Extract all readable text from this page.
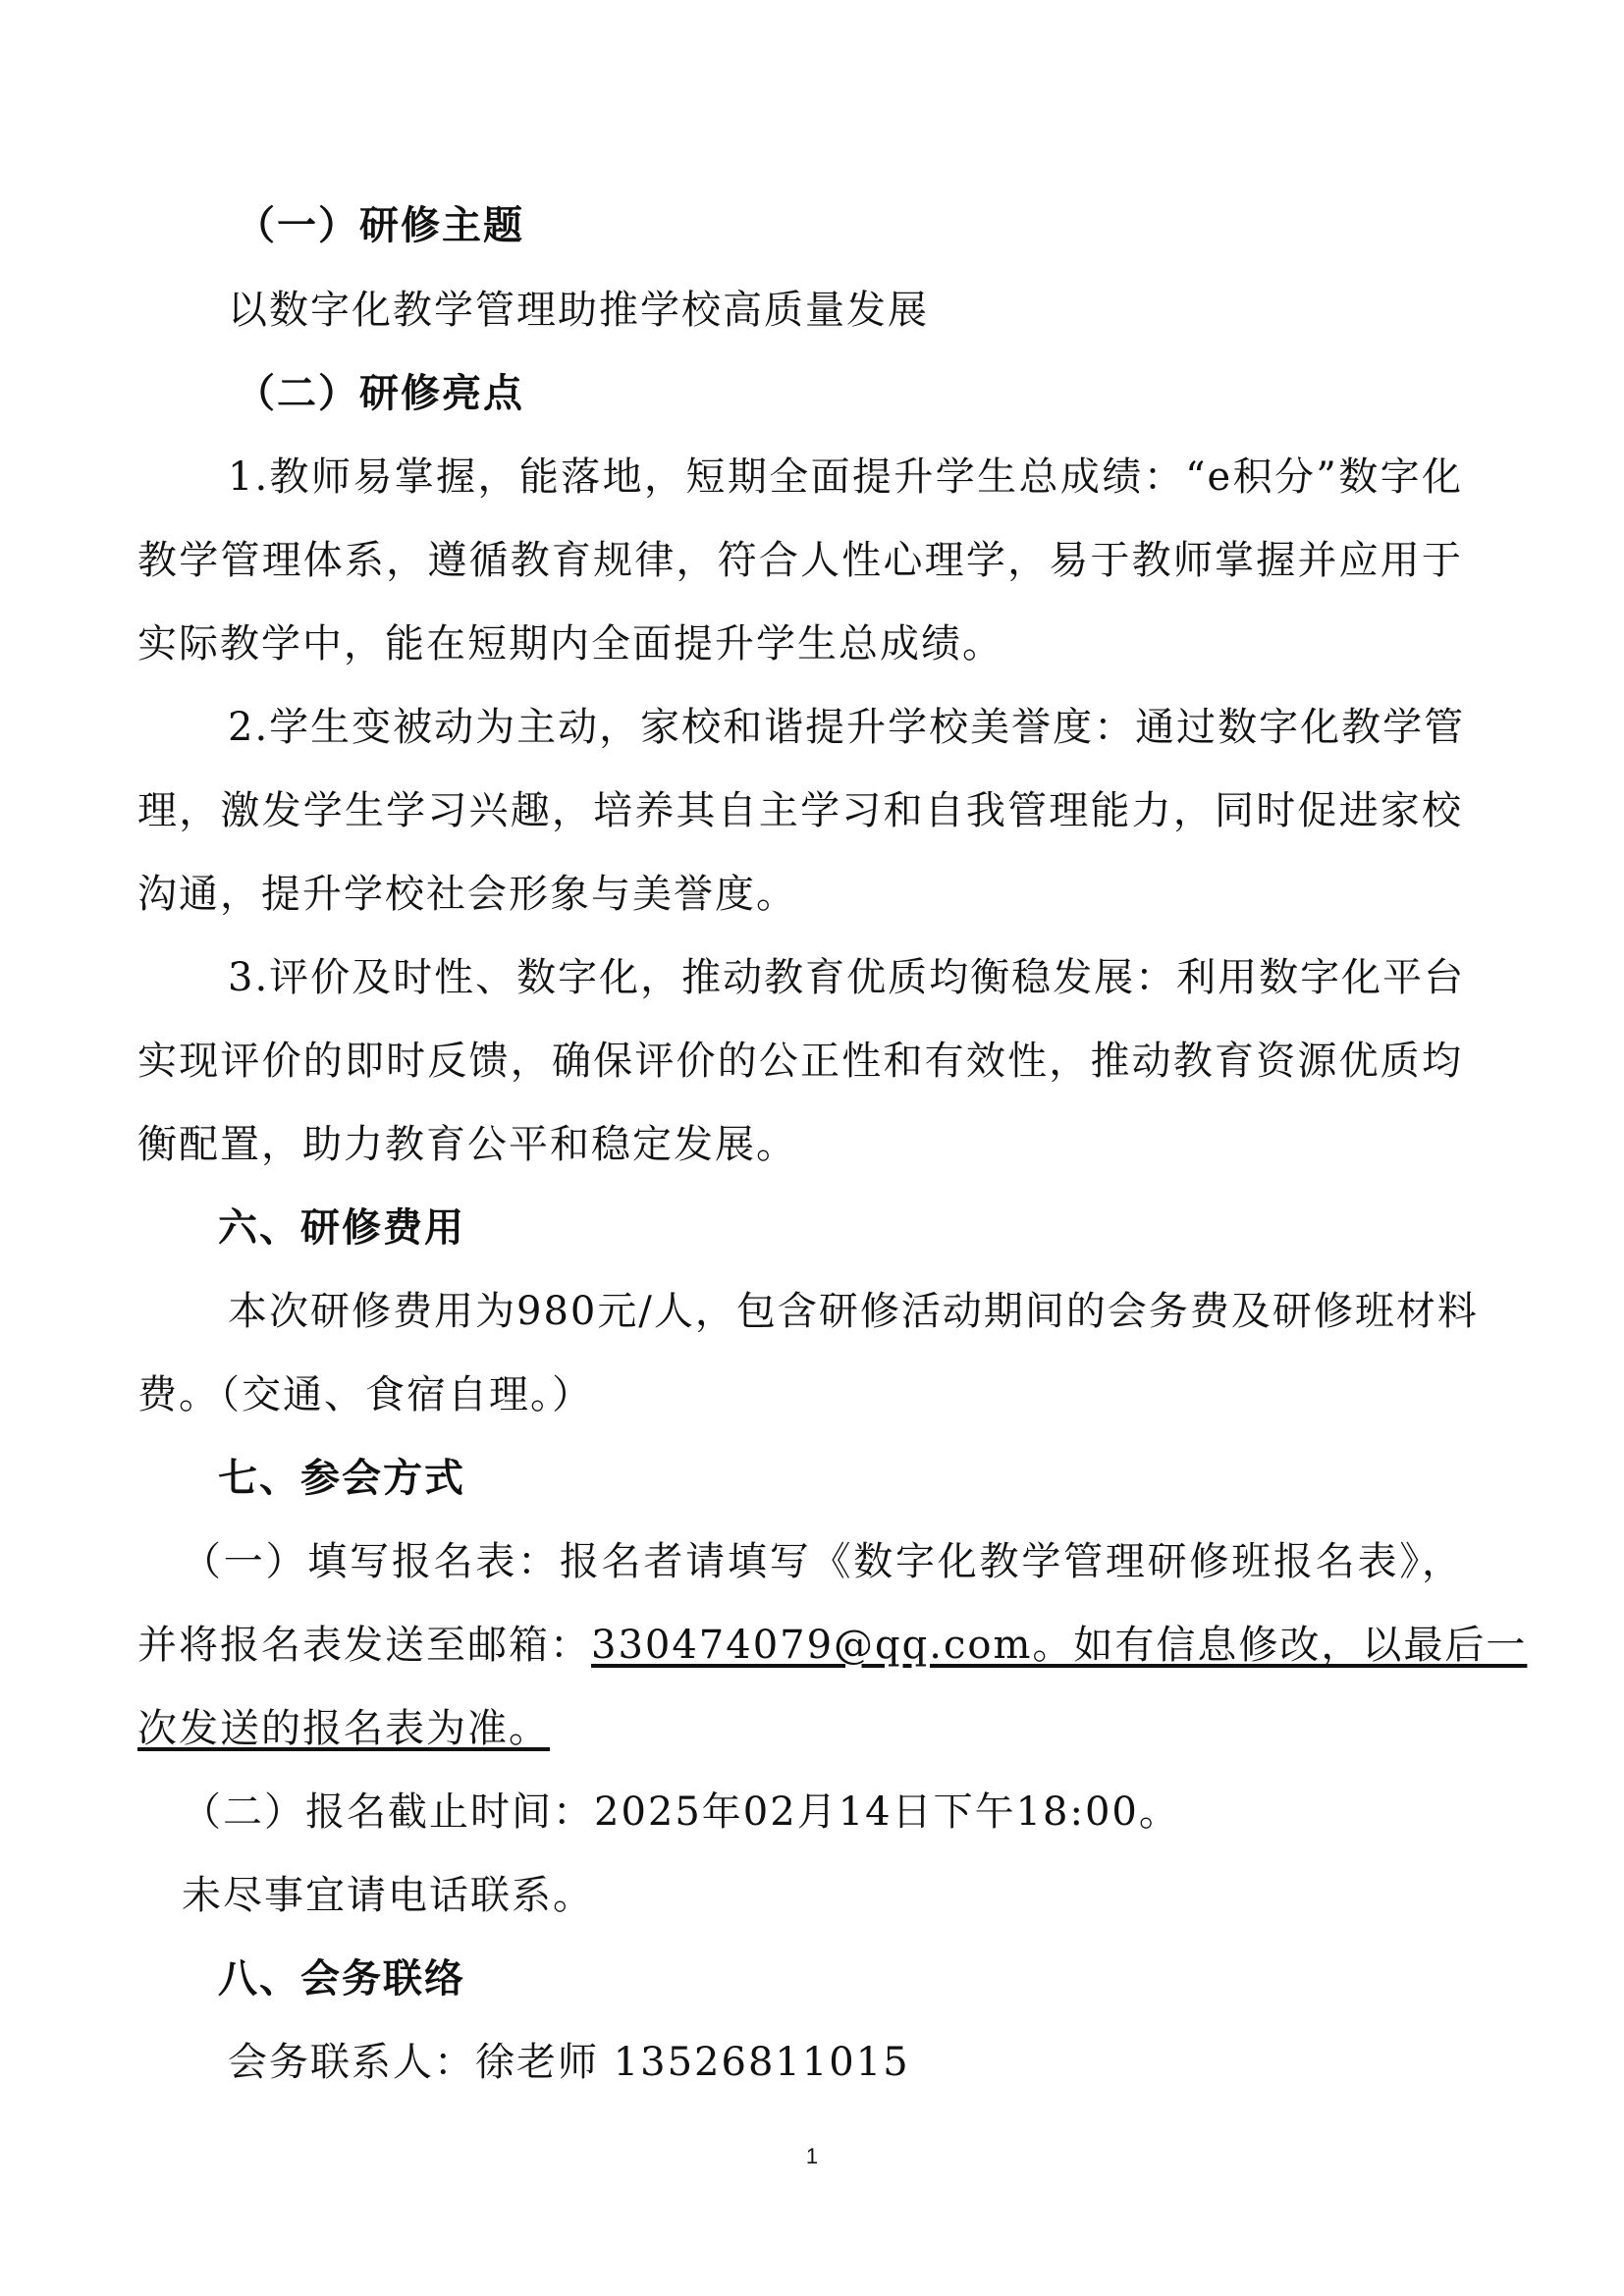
（一）研修主题
以数字化教学管理助推学校高质量发展
（二）研修亮点
1.教师易掌握，能落地，短期全面提升学生总成绩：“e积分”数字化
教学管理体系，遵循教育规律，符合人性心理学，易于教师掌握并应用于
实际教学中，能在短期内全面提升学生总成绩。
2.学生变被动为主动，家校和谐提升学校美誉度：通过数字化教学管
理，激发学生学习兴趣，培养其自主学习和自我管理能力，同时促进家校
沟通，提升学校社会形象与美誉度。
3.评价及时性、数字化，推动教育优质均衡稳发展：利用数字化平台
实现评价的即时反馈，确保评价的公正性和有效性，推动教育资源优质均
衡配置，助力教育公平和稳定发展。
六、研修费用
本次研修费用为980元/人，包含研修活动期间的会务费及研修班材料
费。（交通、食宿自理。）
七、参会方式
（一）填写报名表：报名者请填写《数字化教学管理研修班报名表》，
并将报名表发送至邮箱：330474079@qq.com。如有信息修改，以最后一
次发送的报名表为准。
（二）报名截止时间：2025年02月14日下午18:00。
未尽事宜请电话联系。
八、会务联络
会务联系人：徐老师 13526811015
1
